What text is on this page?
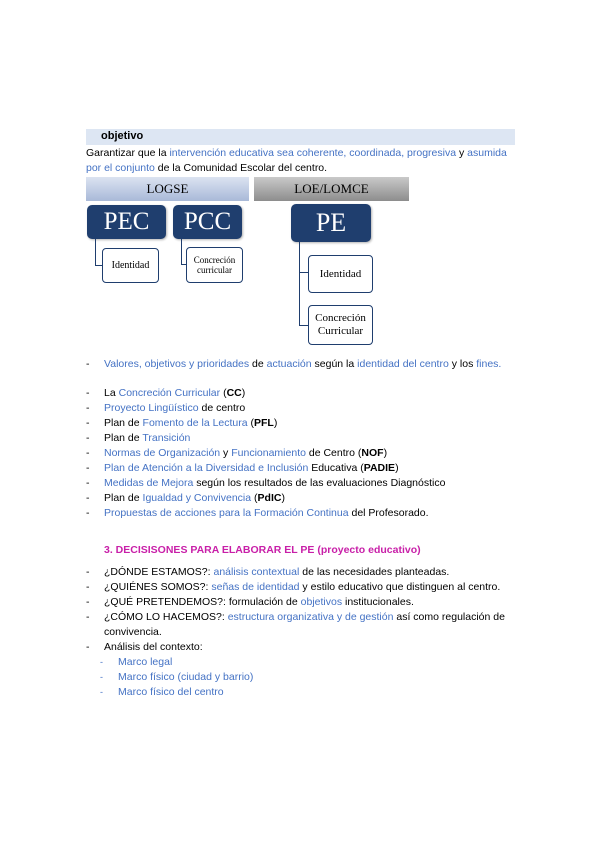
objetivo
Garantizar que la intervención educativa sea coherente, coordinada, progresiva y asumida por el conjunto de la Comunidad Escolar del centro.
LOGSE	LOE/LOMCE
PEC	PCC	PE
Identidad	Concreción curricular	Identidad
Concreción Curricular
- Valores, objetivos y prioridades de actuación según la identidad del centro y los fines.
- La Concreción Curricular (CC)
- Proyecto Lingüístico de centro
- Plan de Fomento de la Lectura (PFL)
- Plan de Transición
- Normas de Organización y Funcionamiento de Centro (NOF)
- Plan de Atención a la Diversidad e Inclusión Educativa (PADIE)
- Medidas de Mejora según los resultados de las evaluaciones Diagnóstico
- Plan de Igualdad y Convivencia (PdIC)
- Propuestas de acciones para la Formación Continua del Profesorado.
3. DECISISONES PARA ELABORAR EL PE (proyecto educativo)
- ¿DÓNDE ESTAMOS?: análisis contextual de las necesidades planteadas.
- ¿QUIÉNES SOMOS?: señas de identidad y estilo educativo que distinguen al centro.
- ¿QUÉ PRETENDEMOS?: formulación de objetivos institucionales.
- ¿CÓMO LO HACEMOS?: estructura organizativa y de gestión así como regulación de convivencia.
- Análisis del contexto:
- Marco legal
- Marco físico (ciudad y barrio)
- Marco físico del centro
